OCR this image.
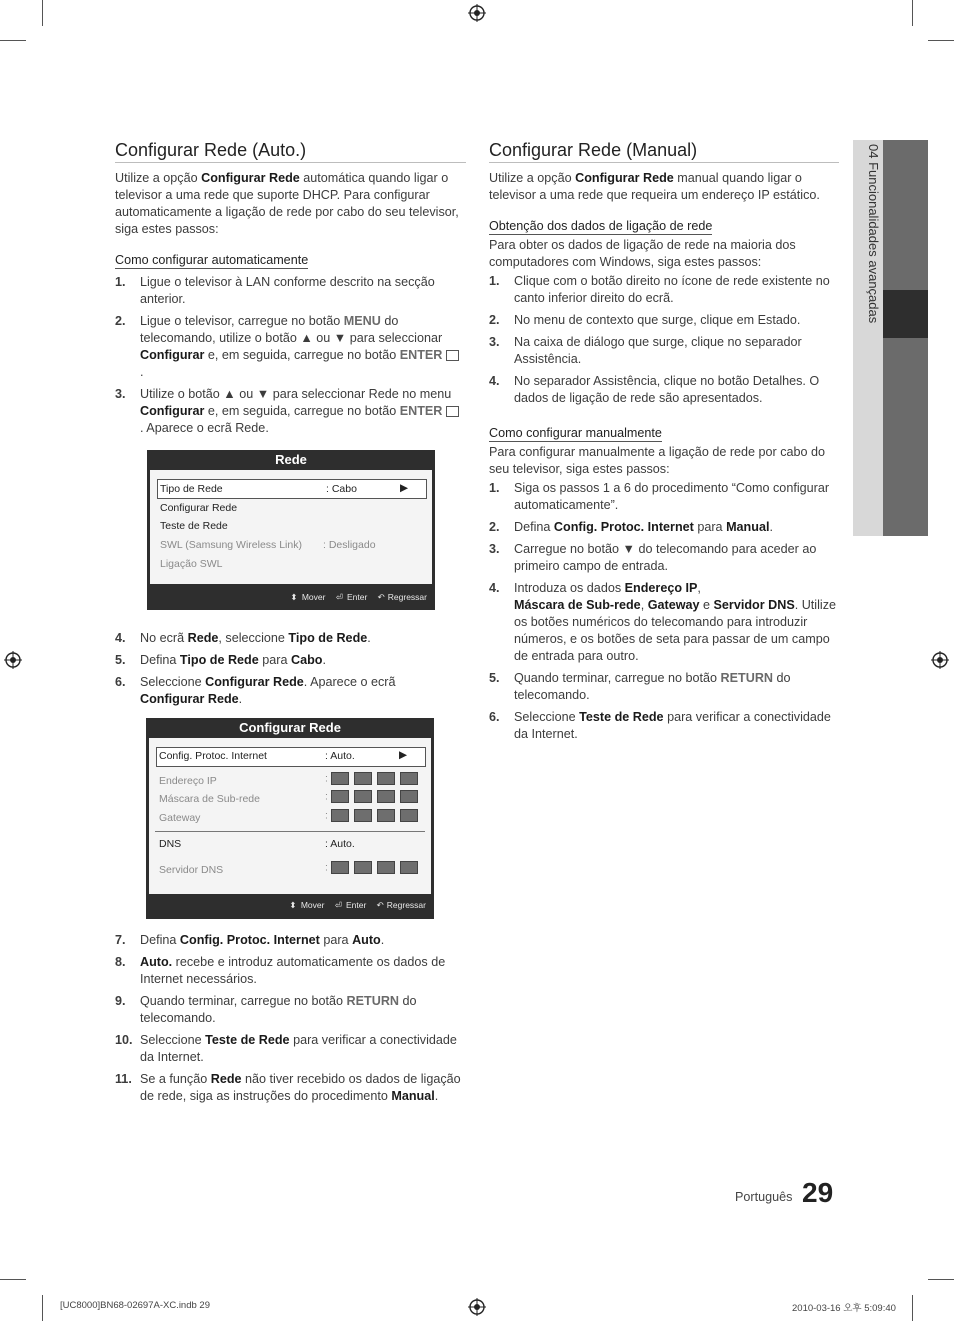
04 Funcionalidades avançadas
Configurar Rede (Auto.)

Utilize a opção Configurar Rede automática quando ligar o televisor a uma rede que suporte DHCP. Para configurar automaticamente a ligação de rede por cabo do seu televisor, siga estes passos:

Como configurar automaticamente
1. Ligue o televisor à LAN conforme descrito na secção anterior.
2. Ligue o televisor, carregue no botão MENU do telecomando, utilize o botão ▲ ou ▼ para seleccionar Configurar e, em seguida, carregue no botão ENTER .
3. Utilize o botão ▲ ou ▼ para seleccionar Rede no menu Configurar e, em seguida, carregue no botão ENTER . Aparece o ecrã Rede.
Rede
Tipo de Rede	: Cabo	▶
Configurar Rede
Teste de Rede
SWL (Samsung Wireless Link) : Desligado
Ligação SWL
⬍ Mover ⏎ Enter ↶ Regressar
4. No ecrã Rede, seleccione Tipo de Rede.
5. Defina Tipo de Rede para Cabo.
6. Seleccione Configurar Rede. Aparece o ecrã Configurar Rede.
Configurar Rede
Config. Protoc. Internet	: Auto.	▶
Endereço IP	:
Máscara de Sub-rede	:
Gateway	:
DNS	: Auto.
Servidor DNS	:
⬍ Mover ⏎ Enter ↶ Regressar
7. Defina Config. Protoc. Internet para Auto.
8. Auto. recebe e introduz automaticamente os dados de Internet necessários.
9. Quando terminar, carregue no botão RETURN do telecomando.
10. Seleccione Teste de Rede para verificar a conectividade da Internet.
11. Se a função Rede não tiver recebido os dados de ligação de rede, siga as instruções do procedimento Manual.
Configurar Rede (Manual)

Utilize a opção Configurar Rede manual quando ligar o televisor a uma rede que requeira um endereço IP estático.

Obtenção dos dados de ligação de rede

Para obter os dados de ligação de rede na maioria dos computadores com Windows, siga estes passos:

1. Clique com o botão direito no ícone de rede existente no canto inferior direito do ecrã.
2. No menu de contexto que surge, clique em Estado.
3. Na caixa de diálogo que surge, clique no separador Assistência.
4. No separador Assistência, clique no botão Detalhes. O dados de ligação de rede são apresentados.
Como configurar manualmente

Para configurar manualmente a ligação de rede por cabo do seu televisor, siga estes passos:

1. Siga os passos 1 a 6 do procedimento “Como configurar automaticamente”.
2. Defina Config. Protoc. Internet para Manual.
3. Carregue no botão ▼ do telecomando para aceder ao primeiro campo de entrada.
4. Introduza os dados Endereço IP,
Máscara de Sub-rede, Gateway e Servidor DNS. Utilize os botões numéricos do telecomando para introduzir números, e os botões de seta para passar de um campo de entrada para outro.
5. Quando terminar, carregue no botão RETURN do telecomando.
6. Seleccione Teste de Rede para verificar a conectividade da Internet.
Português 29
[UC8000]BN68-02697A-XC.indb 29	2010-03-16 오후 5:09:40
